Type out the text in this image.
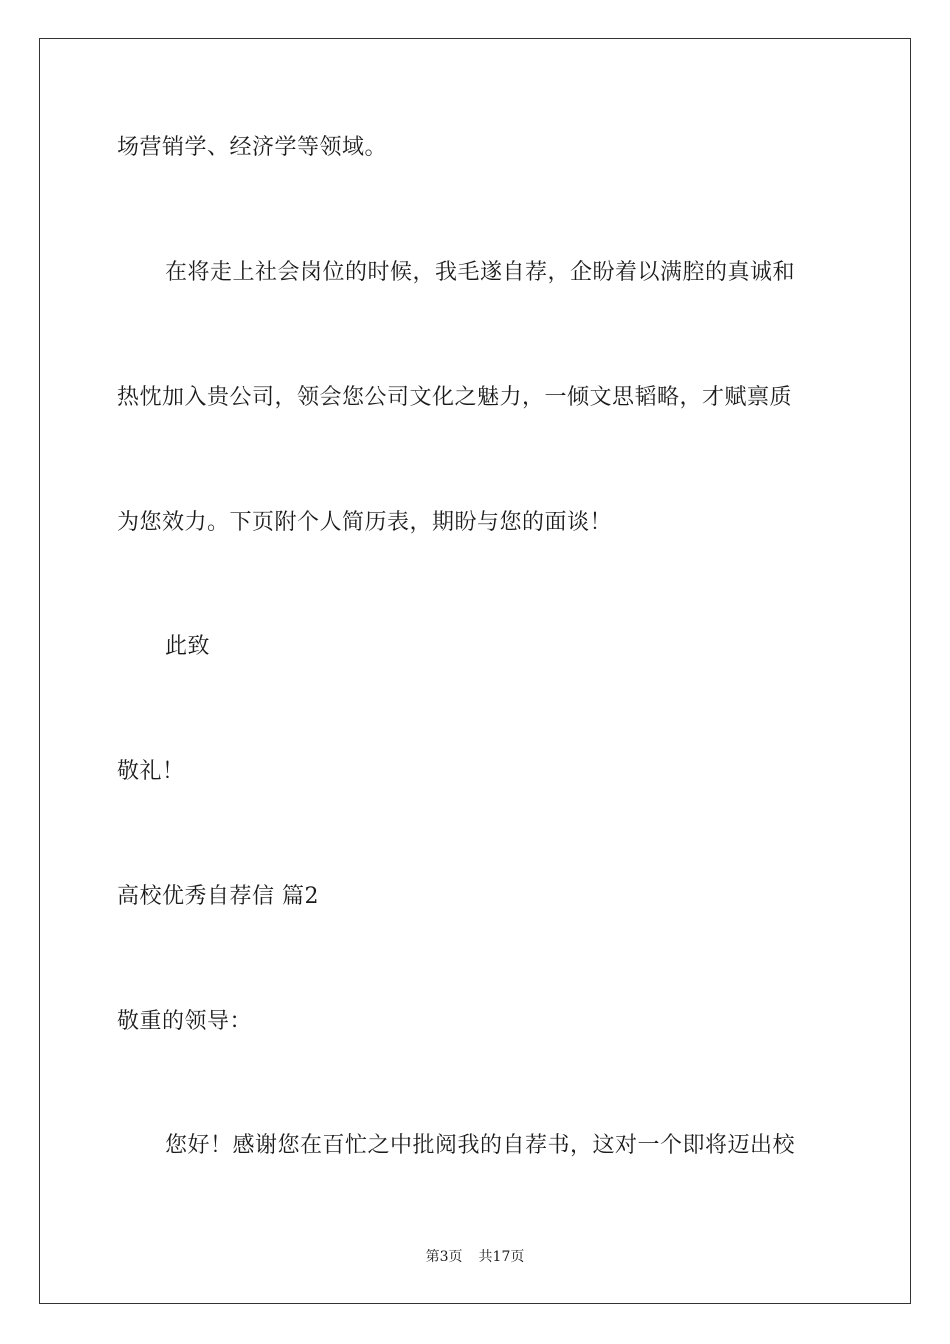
场营销学、经济学等领域。
在将走上社会岗位的时候，我毛遂自荐，企盼着以满腔的真诚和
热忱加入贵公司，领会您公司文化之魅力，一倾文思韬略，才赋禀质
为您效力。下页附个人简历表，期盼与您的面谈！
此致
敬礼！
高校优秀自荐信 篇2
敬重的领导：
您好！感谢您在百忙之中批阅我的自荐书，这对一个即将迈出校
第3页 共17页
